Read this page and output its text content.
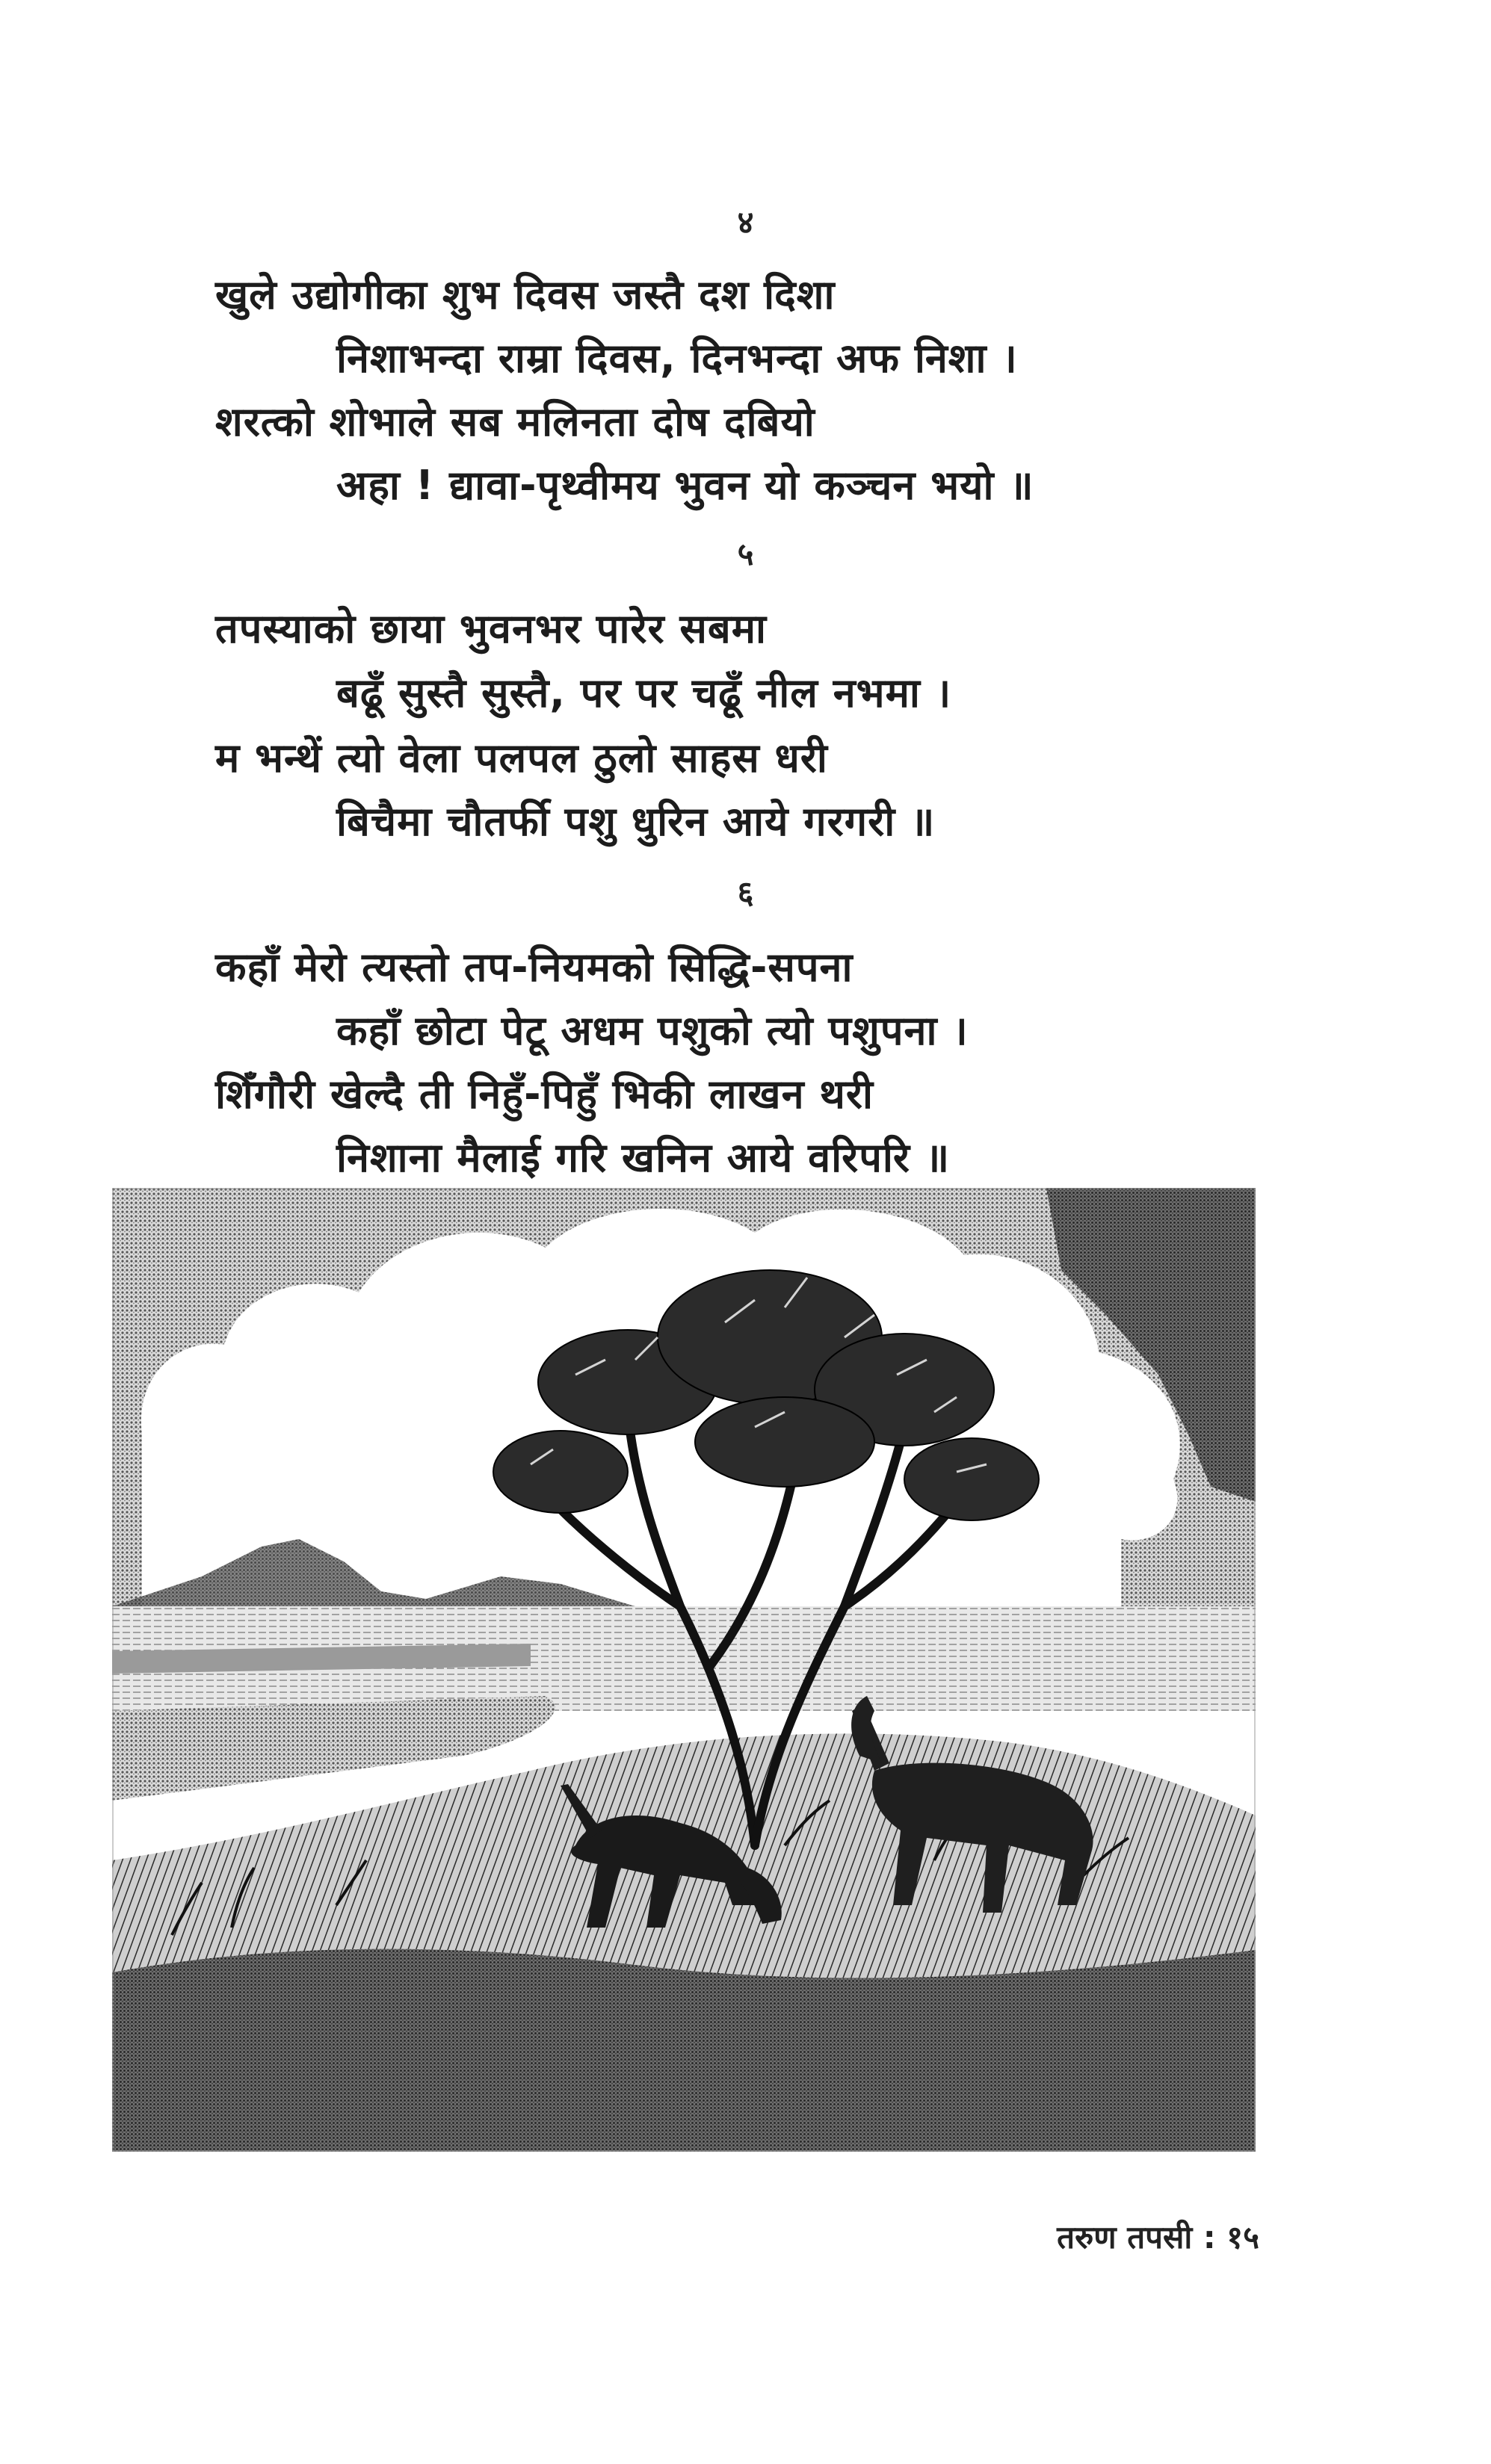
४
खुले उद्योगीका शुभ दिवस जस्तै दश दिशा
निशाभन्दा राम्रा दिवस, दिनभन्दा अफ निशा ।
शरत्को शोभाले सब मलिनता दोष दबियो
अहा ! द्यावा-पृथ्वीमय भुवन यो कञ्चन भयो ॥
५
तपस्याको छाया भुवनभर पारेर सबमा
बढूँ सुस्तै सुस्तै, पर पर चढूँ नील नभमा ।
म भन्थें त्यो वेला पलपल ठुलो साहस धरी
बिचैमा चौतर्फी पशु धुरिन आये गरगरी ॥
६
कहाँ मेरो त्यस्तो तप-नियमको सिद्धि-सपना
कहाँ छोटा पेटू अधम पशुको त्यो पशुपना ।
शिँगौरी खेल्दै ती निहुँ-पिहुँ भिकी लाखन थरी
निशाना मैलाई गरि खनिन आये वरिपरि ॥
तरुण तपसी : १५
